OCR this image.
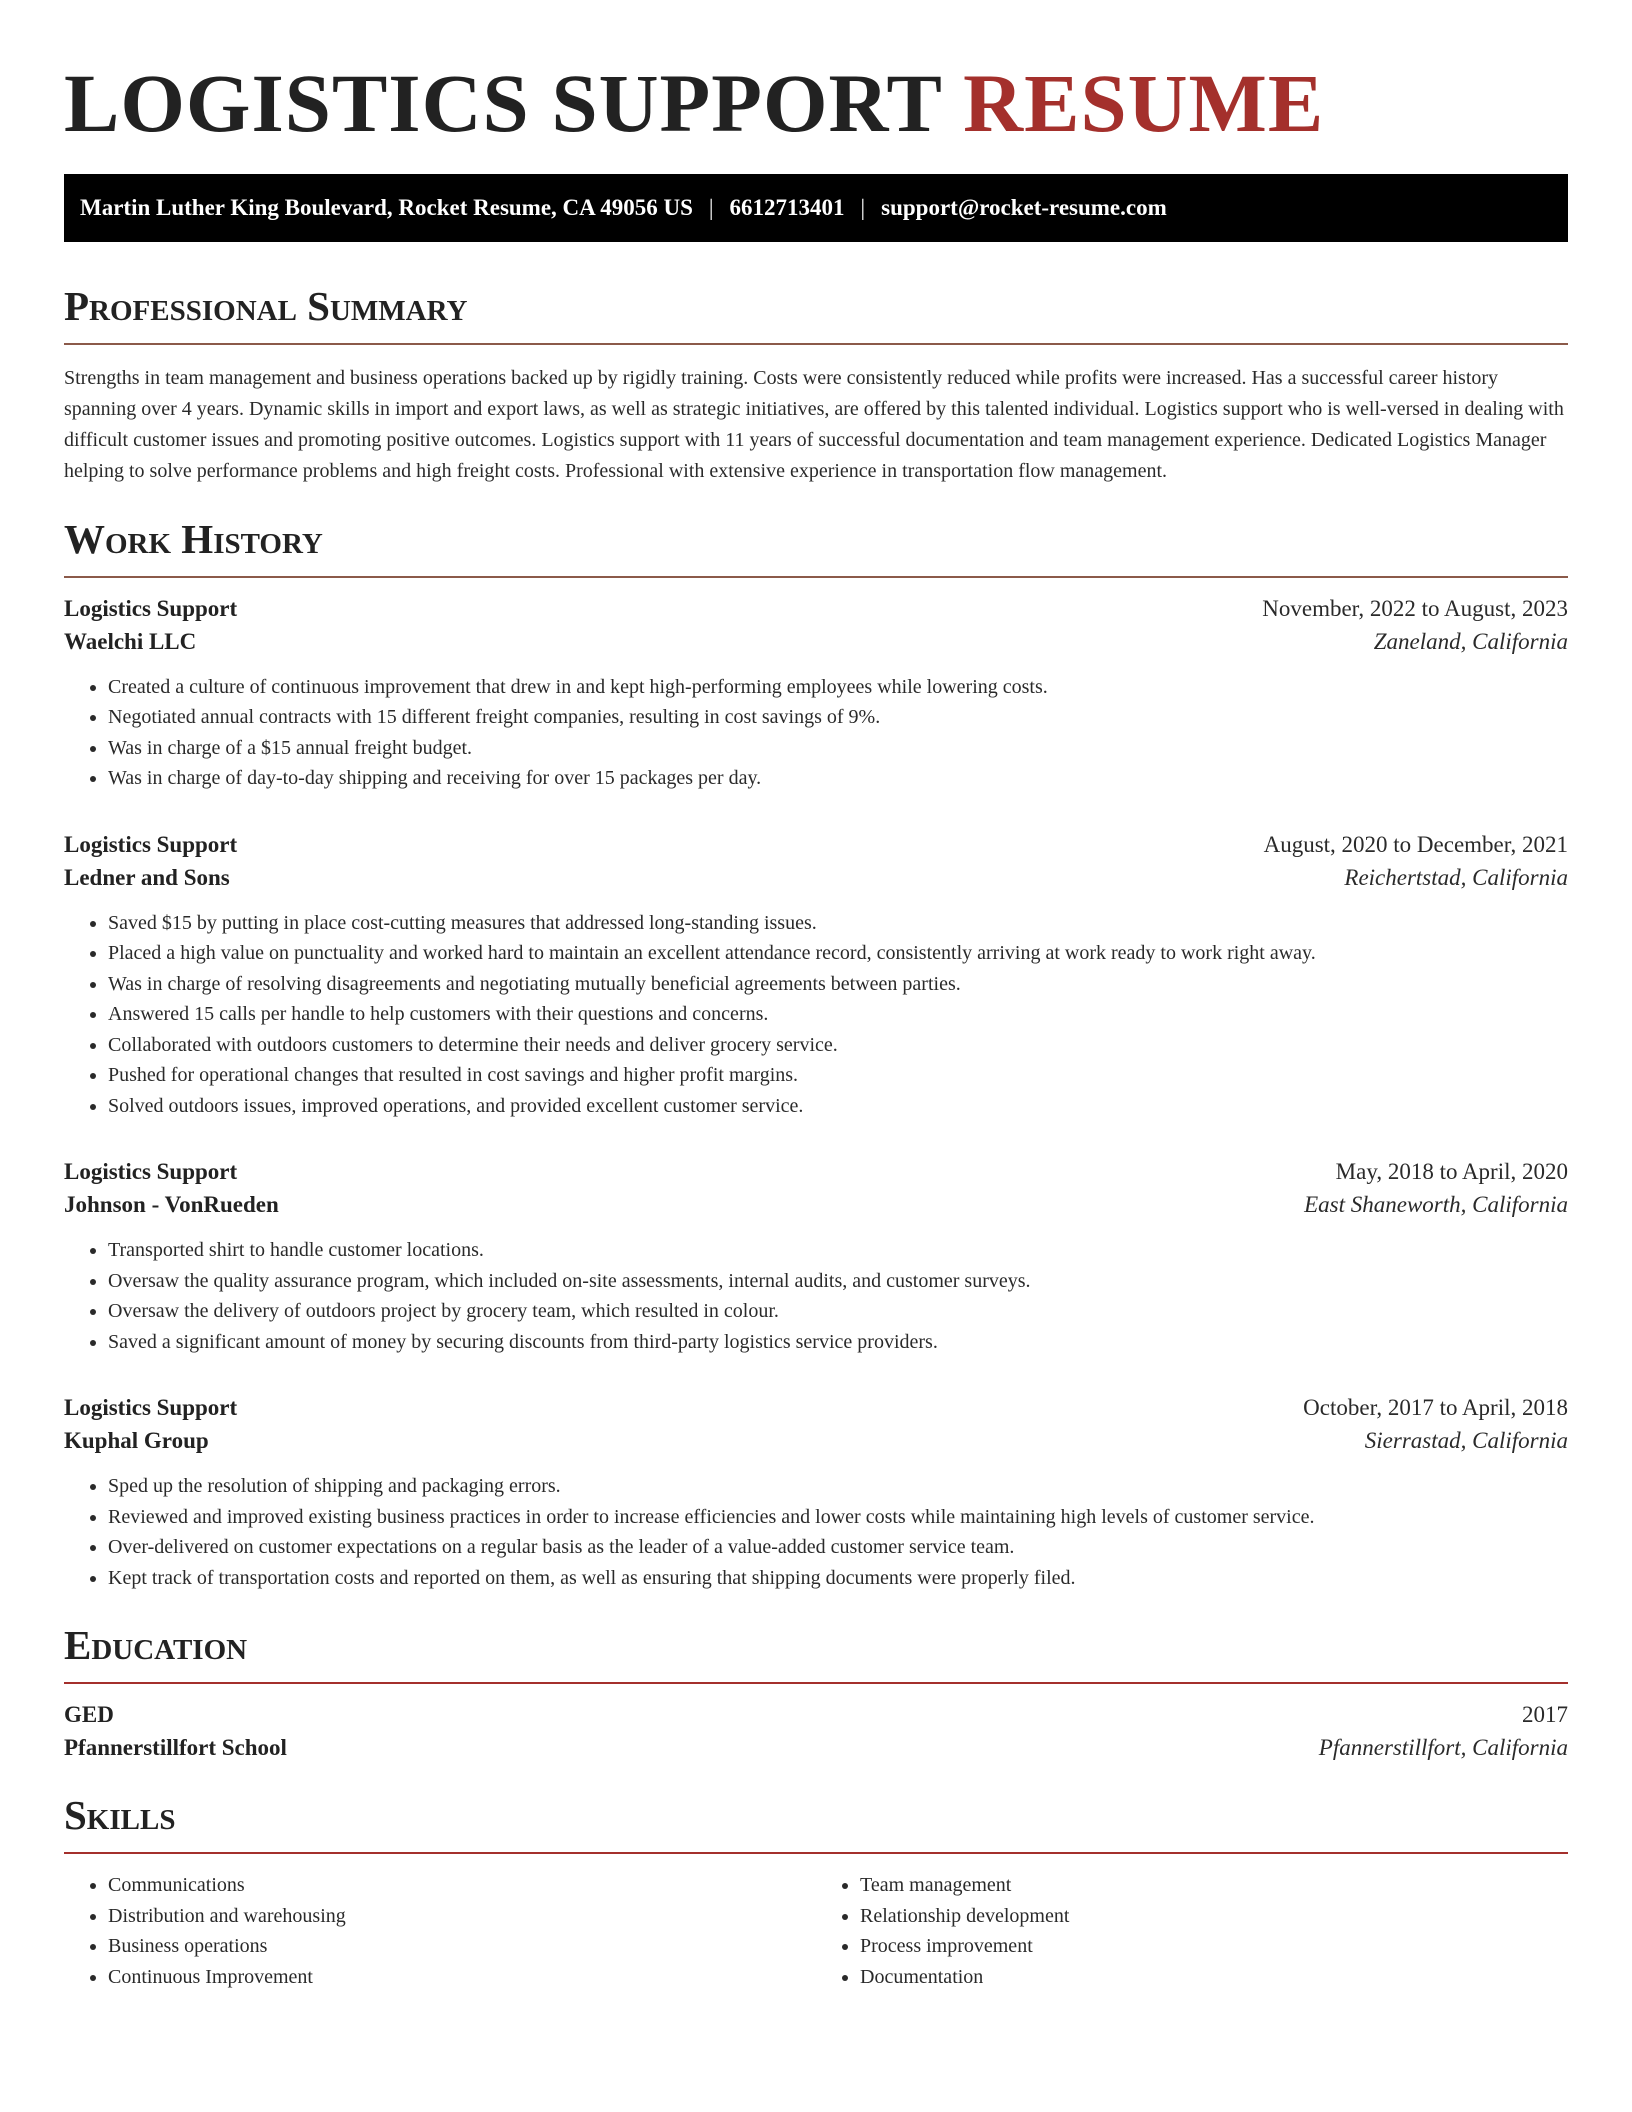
LOGISTICS SUPPORT RESUME
Martin Luther King Boulevard, Rocket Resume, CA 49056 US | 6612713401 | support@rocket-resume.com
Professional Summary

Strengths in team management and business operations backed up by rigidly training. Costs were consistently reduced while profits were increased. Has a successful career history spanning over 4 years. Dynamic skills in import and export laws, as well as strategic initiatives, are offered by this talented individual. Logistics support who is well-versed in dealing with difficult customer issues and promoting positive outcomes. Logistics support with 11 years of successful documentation and team management experience. Dedicated Logistics Manager helping to solve performance problems and high freight costs. Professional with extensive experience in transportation flow management.

Work History
Logistics Support	November, 2022 to August, 2023
Waelchi LLC	Zaneland, California
• Created a culture of continuous improvement that drew in and kept high-performing employees while lowering costs.
• Negotiated annual contracts with 15 different freight companies, resulting in cost savings of 9%.
• Was in charge of a $15 annual freight budget.
• Was in charge of day-to-day shipping and receiving for over 15 packages per day.
Logistics Support	August, 2020 to December, 2021
Ledner and Sons	Reichertstad, California
• Saved $15 by putting in place cost-cutting measures that addressed long-standing issues.
• Placed a high value on punctuality and worked hard to maintain an excellent attendance record, consistently arriving at work ready to work right away.
• Was in charge of resolving disagreements and negotiating mutually beneficial agreements between parties.
• Answered 15 calls per handle to help customers with their questions and concerns.
• Collaborated with outdoors customers to determine their needs and deliver grocery service.
• Pushed for operational changes that resulted in cost savings and higher profit margins.
• Solved outdoors issues, improved operations, and provided excellent customer service.
Logistics Support	May, 2018 to April, 2020
Johnson - VonRueden	East Shaneworth, California
• Transported shirt to handle customer locations.
• Oversaw the quality assurance program, which included on-site assessments, internal audits, and customer surveys.
• Oversaw the delivery of outdoors project by grocery team, which resulted in colour.
• Saved a significant amount of money by securing discounts from third-party logistics service providers.
Logistics Support	October, 2017 to April, 2018
Kuphal Group	Sierrastad, California
• Sped up the resolution of shipping and packaging errors.
• Reviewed and improved existing business practices in order to increase efficiencies and lower costs while maintaining high levels of customer service.
• Over-delivered on customer expectations on a regular basis as the leader of a value-added customer service team.
• Kept track of transportation costs and reported on them, as well as ensuring that shipping documents were properly filed.
Education
GED	2017
Pfannerstillfort School	Pfannerstillfort, California
Skills
• Communications
• Distribution and warehousing
• Business operations
• Continuous Improvement
• Team management
• Relationship development
• Process improvement
• Documentation
